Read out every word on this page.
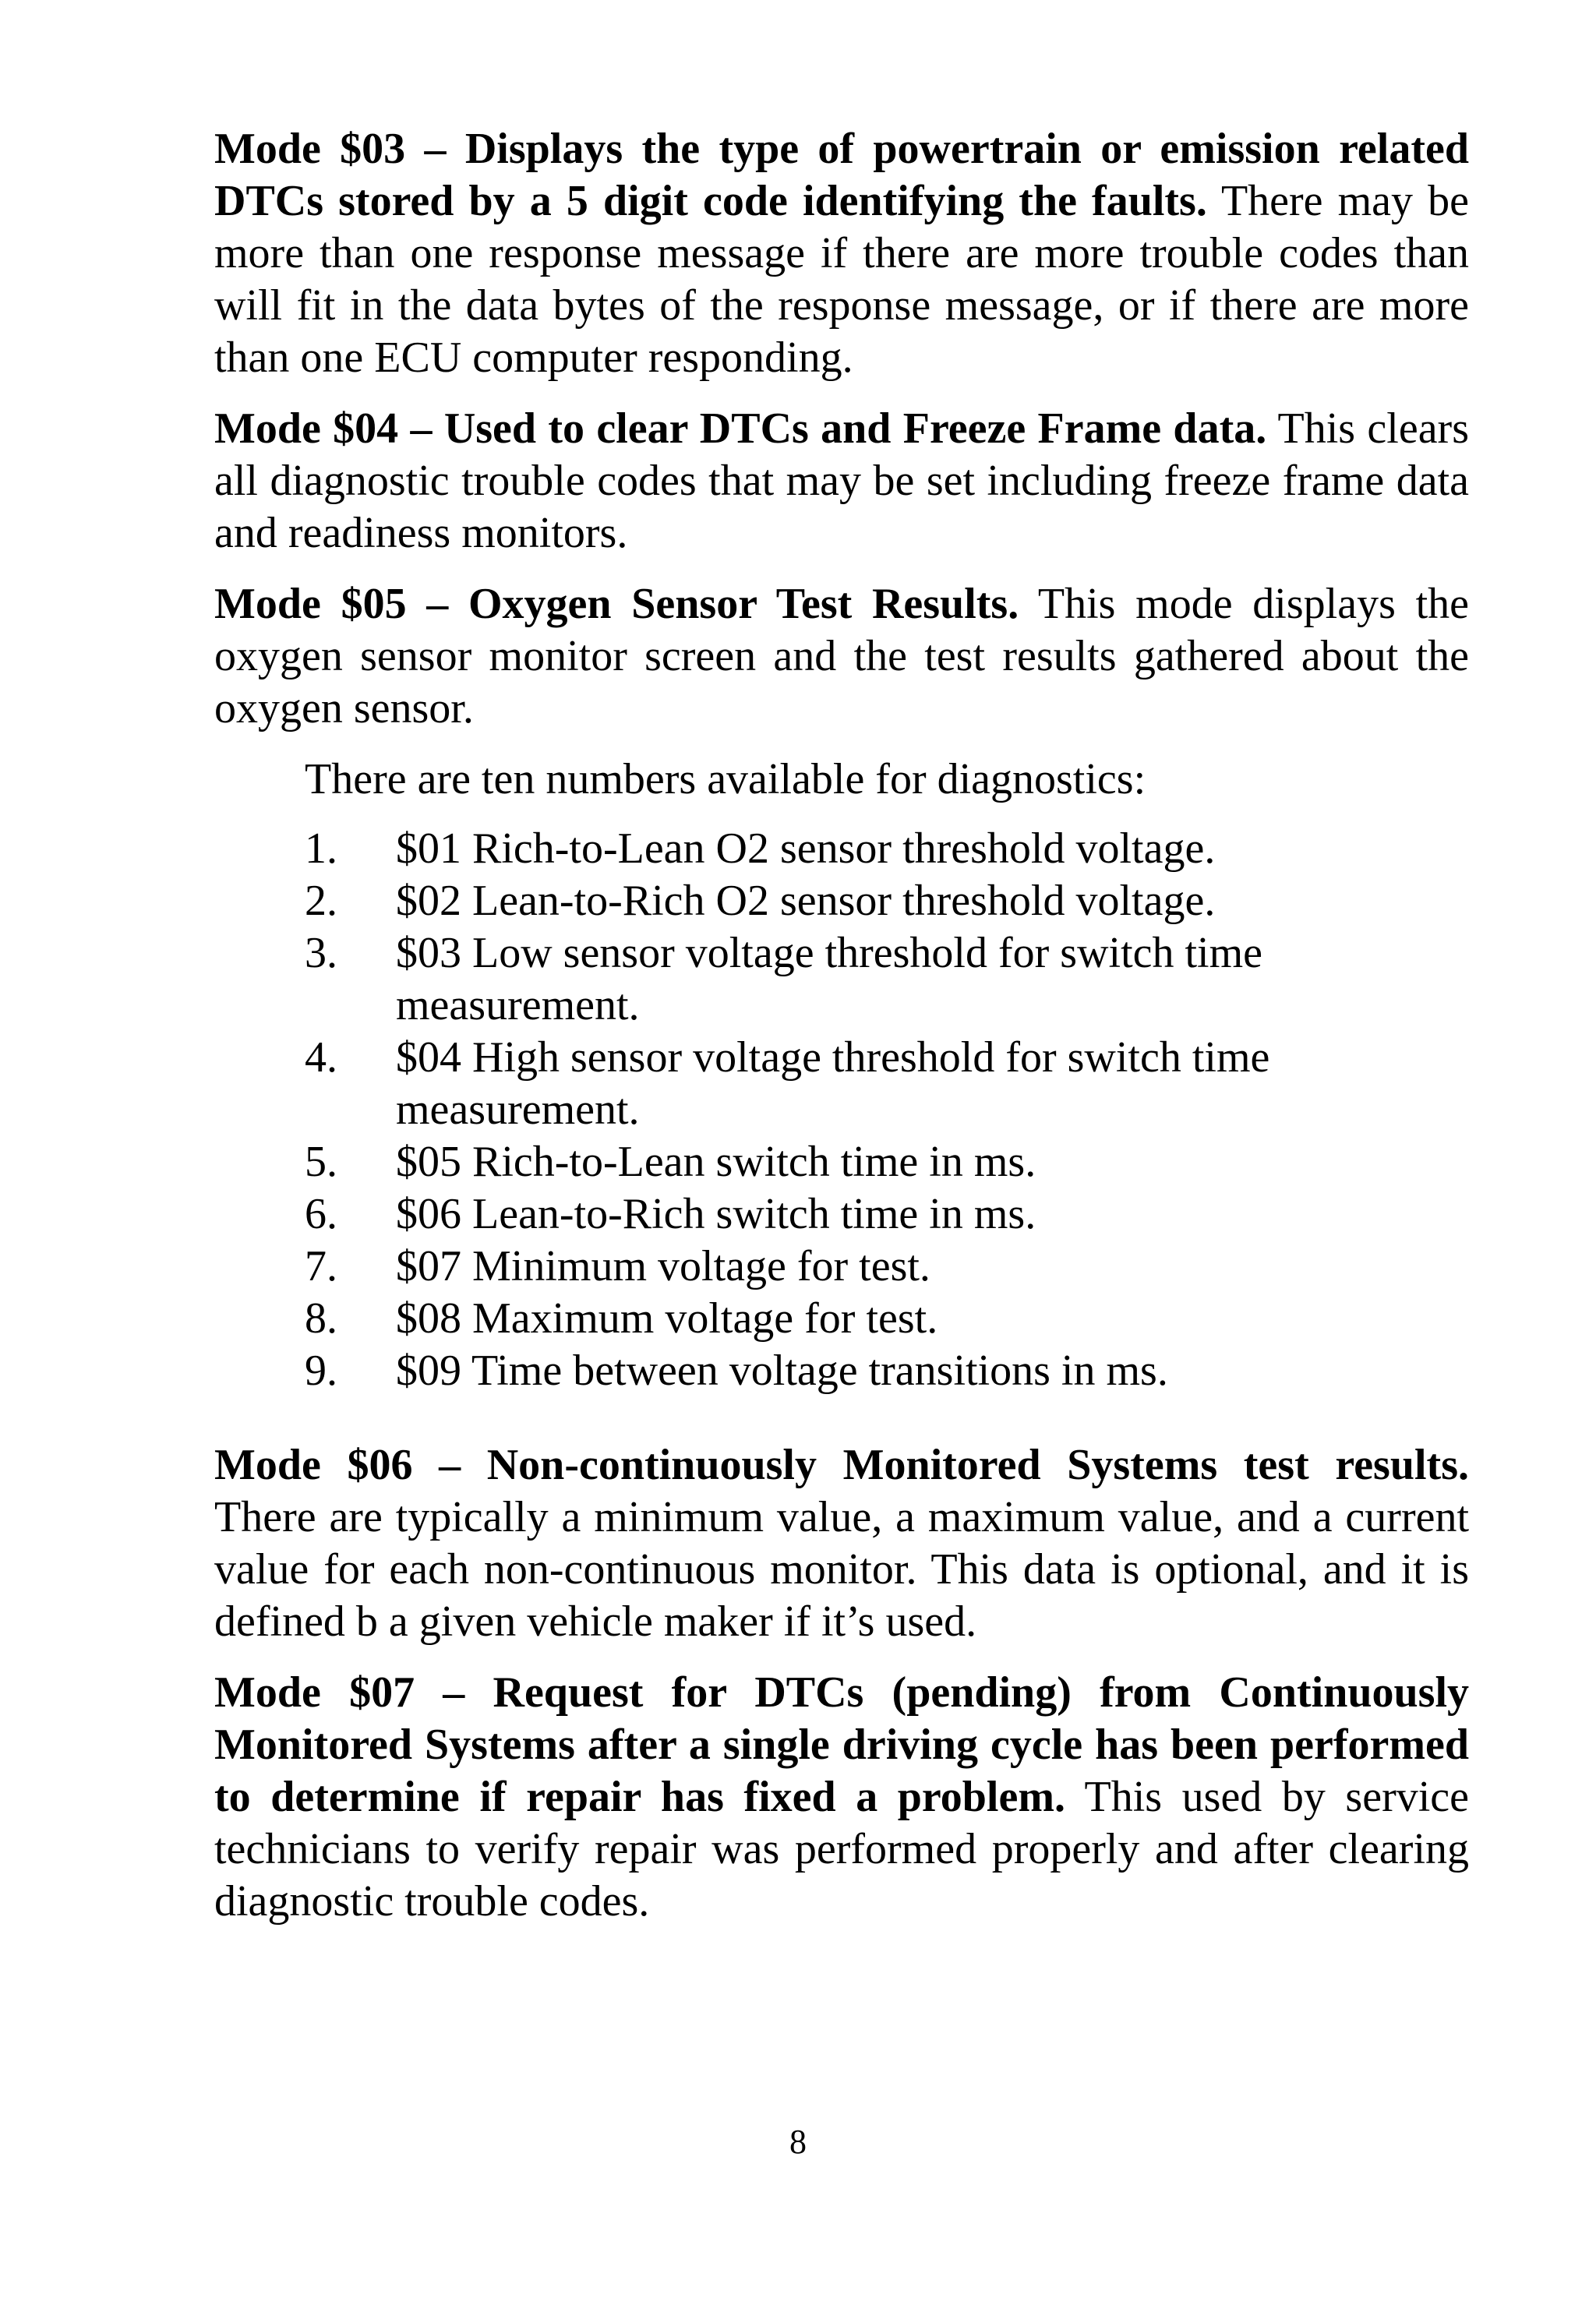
Mode $03 – Displays the type of powertrain or emission related DTCs stored by a 5 digit code identifying the faults. There may be more than one response message if there are more trouble codes than will fit in the data bytes of the response message, or if there are more than one ECU computer responding.

Mode $04 – Used to clear DTCs and Freeze Frame data. This clears all diagnostic trouble codes that may be set including freeze frame data and readiness monitors.

Mode $05 – Oxygen Sensor Test Results. This mode displays the oxygen sensor monitor screen and the test results gathered about the oxygen sensor.

There are ten numbers available for diagnostics:

1.	$01 Rich-to-Lean O2 sensor threshold voltage.
2.	$02 Lean-to-Rich O2 sensor threshold voltage.
3.	$03 Low sensor voltage threshold for switch time measurement.
4.	$04 High sensor voltage threshold for switch time measurement.
5.	$05 Rich-to-Lean switch time in ms.
6.	$06 Lean-to-Rich switch time in ms.
7.	$07 Minimum voltage for test.
8.	$08 Maximum voltage for test.
9.	$09 Time between voltage transitions in ms.

Mode $06 – Non-continuously Monitored Systems test results. There are typically a minimum value, a maximum value, and a current value for each non-continuous monitor. This data is optional, and it is defined b a given vehicle maker if it’s used.

Mode $07 – Request for DTCs (pending) from Continuously Monitored Systems after a single driving cycle has been performed to determine if repair has fixed a problem. This used by service technicians to verify repair was performed properly and after clearing diagnostic trouble codes.

8
